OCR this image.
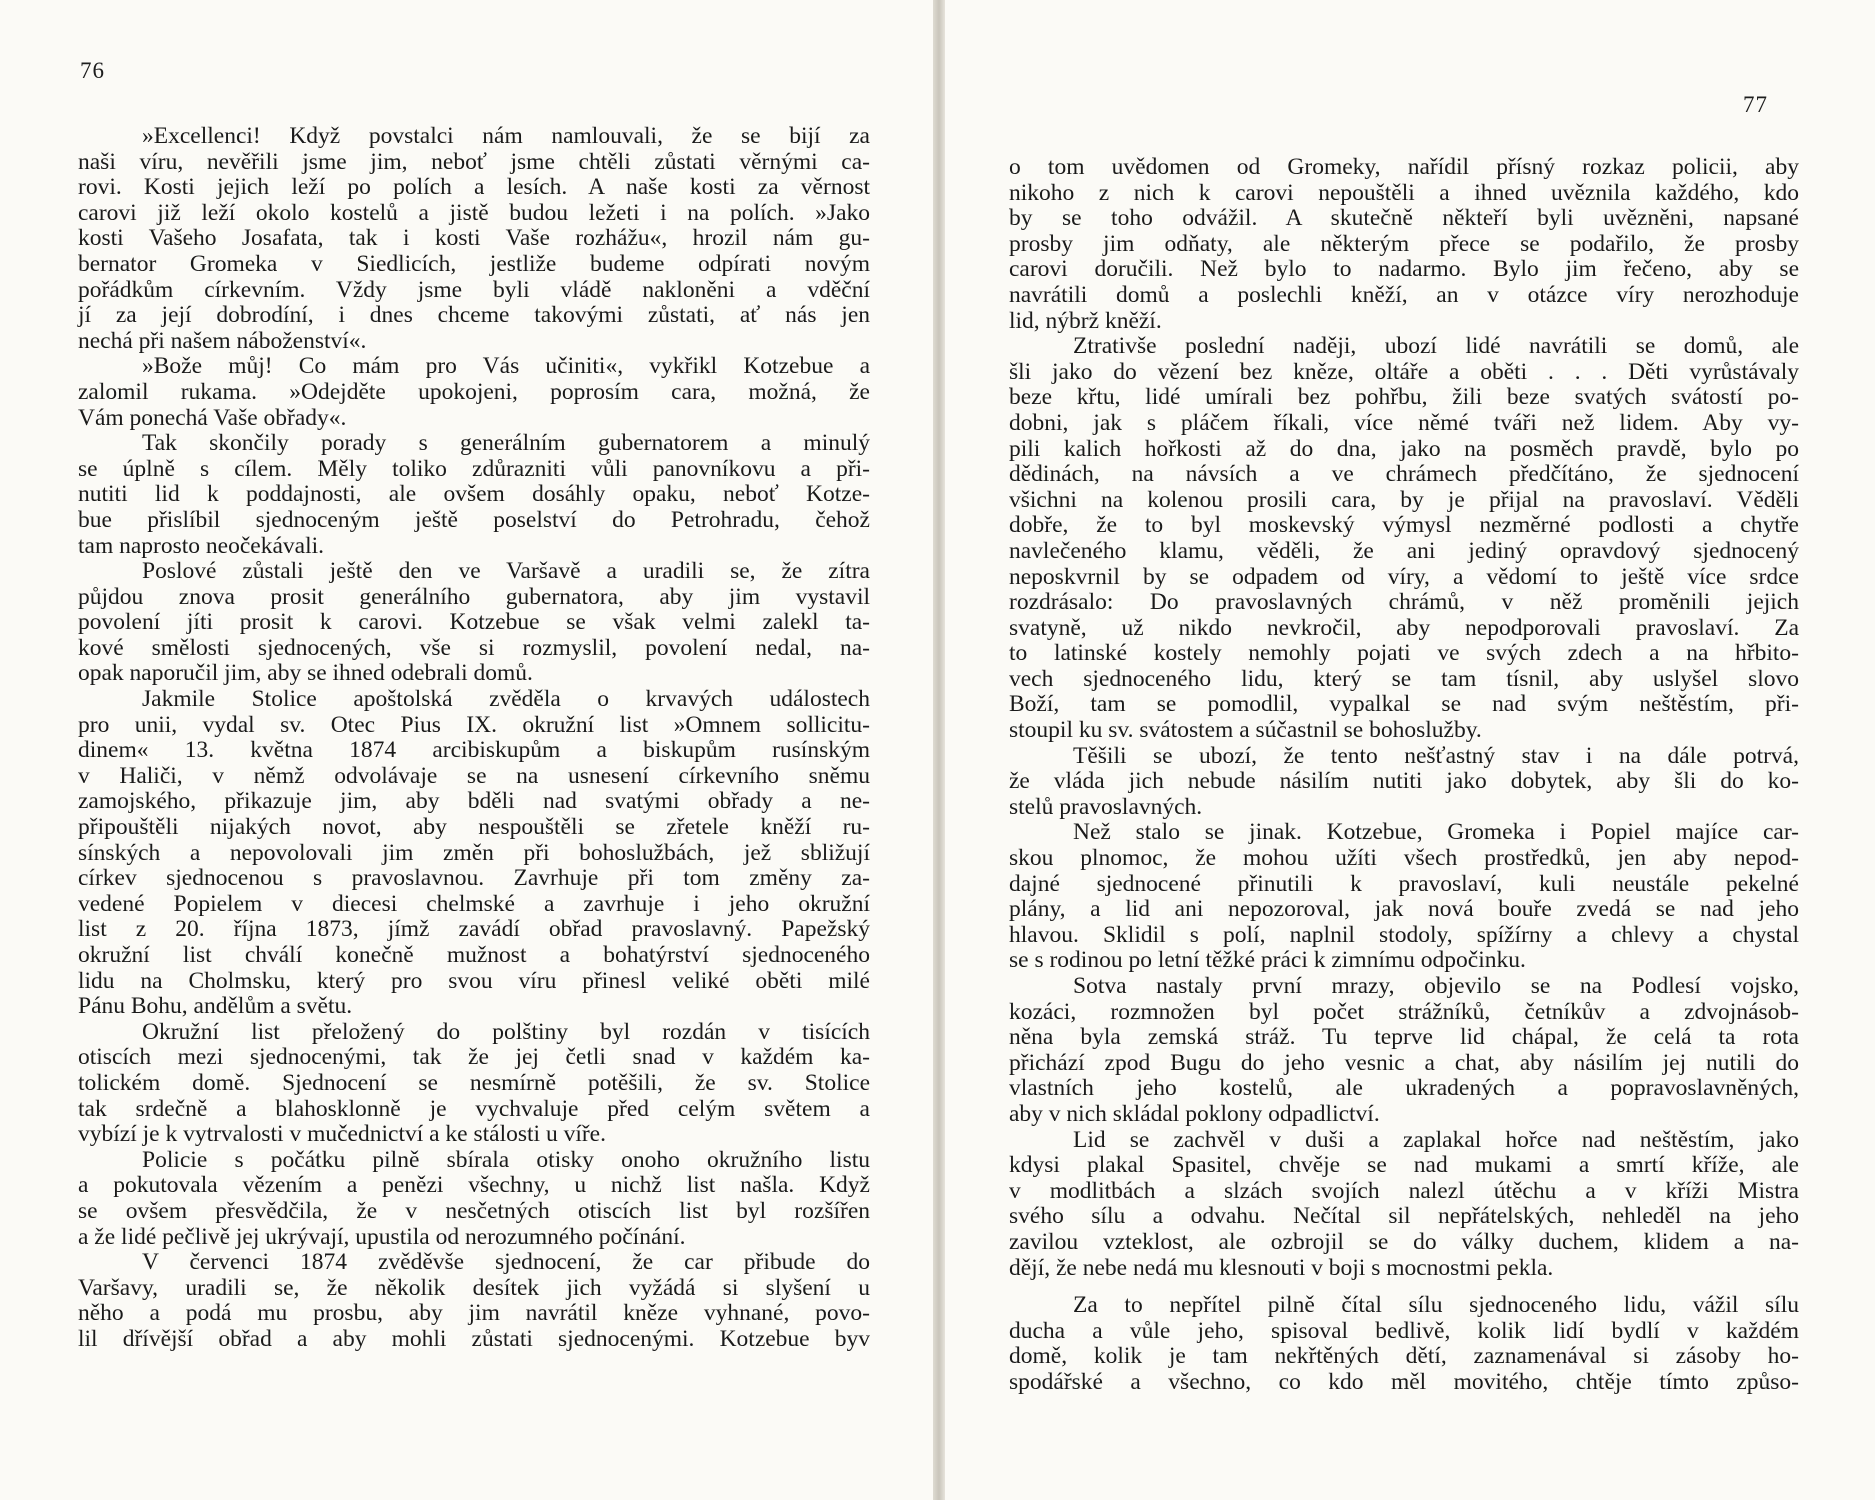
76
»Excellenci! Když povstalci nám namlouvali, že se bijí za
naši víru, nevěřili jsme jim, neboť jsme chtěli zůstati věrnými ca-
rovi. Kosti jejich leží po polích a lesích. A naše kosti za věrnost
carovi již leží okolo kostelů a jistě budou ležeti i na polích. »Jako
kosti Vašeho Josafata, tak i kosti Vaše rozhážu«, hrozil nám gu-
bernator Gromeka v Siedlicích, jestliže budeme odpírati novým
pořádkům církevním. Vždy jsme byli vládě nakloněni a vděční
jí za její dobrodíní, i dnes chceme takovými zůstati, ať nás jen
nechá při našem náboženství«.
»Bože můj! Co mám pro Vás učiniti«, vykřikl Kotzebue a
zalomil rukama. »Odejděte upokojeni, poprosím cara, možná, že
Vám ponechá Vaše obřady«.
Tak skončily porady s generálním gubernatorem a minulý
se úplně s cílem. Měly toliko zdůrazniti vůli panovníkovu a při-
nutiti lid k poddajnosti, ale ovšem dosáhly opaku, neboť Kotze-
bue přislíbil sjednoceným ještě poselství do Petrohradu, čehož
tam naprosto neočekávali.
Poslové zůstali ještě den ve Varšavě a uradili se, že zítra
půjdou znova prosit generálního gubernatora, aby jim vystavil
povolení jíti prosit k carovi. Kotzebue se však velmi zalekl ta-
kové smělosti sjednocených, vše si rozmyslil, povolení nedal, na-
opak naporučil jim, aby se ihned odebrali domů.
Jakmile Stolice apoštolská zvěděla o krvavých událostech
pro unii, vydal sv. Otec Pius IX. okružní list »Omnem sollicitu-
dinem« 13. května 1874 arcibiskupům a biskupům rusínským
v Haliči, v němž odvolávaje se na usnesení církevního sněmu
zamojského, přikazuje jim, aby bděli nad svatými obřady a ne-
připouštěli nijakých novot, aby nespouštěli se zřetele kněží ru-
sínských a nepovolovali jim změn při bohoslužbách, jež sbližují
církev sjednocenou s pravoslavnou. Zavrhuje při tom změny za-
vedené Popielem v diecesi chelmské a zavrhuje i jeho okružní
list z 20. října 1873, jímž zavádí obřad pravoslavný. Papežský
okružní list chválí konečně mužnost a bohatýrství sjednoceného
lidu na Cholmsku, který pro svou víru přinesl veliké oběti milé
Pánu Bohu, andělům a světu.
Okružní list přeložený do polštiny byl rozdán v tisících
otiscích mezi sjednocenými, tak že jej četli snad v každém ka-
tolickém domě. Sjednocení se nesmírně potěšili, že sv. Stolice
tak srdečně a blahosklonně je vychvaluje před celým světem a
vybízí je k vytrvalosti v mučednictví a ke stálosti u víře.
Policie s počátku pilně sbírala otisky onoho okružního listu
a pokutovala vězením a penězi všechny, u nichž list našla. Když
se ovšem přesvědčila, že v nesčetných otiscích list byl rozšířen
a že lidé pečlivě jej ukrývají, upustila od nerozumného počínání.
V červenci 1874 zvěděvše sjednocení, že car přibude do
Varšavy, uradili se, že několik desítek jich vyžádá si slyšení u
něho a podá mu prosbu, aby jim navrátil kněze vyhnané, povo-
lil dřívější obřad a aby mohli zůstati sjednocenými. Kotzebue byv
77
o tom uvědomen od Gromeky, nařídil přísný rozkaz policii, aby
nikoho z nich k carovi nepouštěli a ihned uvěznila každého, kdo
by se toho odvážil. A skutečně někteří byli uvězněni, napsané
prosby jim odňaty, ale některým přece se podařilo, že prosby
carovi doručili. Než bylo to nadarmo. Bylo jim řečeno, aby se
navrátili domů a poslechli kněží, an v otázce víry nerozhoduje
lid, nýbrž kněží.
Ztrativše poslední naději, ubozí lidé navrátili se domů, ale
šli jako do vězení bez kněze, oltáře a oběti . . . Děti vyrůstávaly
beze křtu, lidé umírali bez pohřbu, žili beze svatých svátostí po-
dobni, jak s pláčem říkali, více němé tváři než lidem. Aby vy-
pili kalich hořkosti až do dna, jako na posměch pravdě, bylo po
dědinách, na návsích a ve chrámech předčítáno, že sjednocení
všichni na kolenou prosili cara, by je přijal na pravoslaví. Věděli
dobře, že to byl moskevský výmysl nezměrné podlosti a chytře
navlečeného klamu, věděli, že ani jediný opravdový sjednocený
neposkvrnil by se odpadem od víry, a vědomí to ještě více srdce
rozdrásalo: Do pravoslavných chrámů, v něž proměnili jejich
svatyně, už nikdo nevkročil, aby nepodporovali pravoslaví. Za
to latinské kostely nemohly pojati ve svých zdech a na hřbito-
vech sjednoceného lidu, který se tam tísnil, aby uslyšel slovo
Boží, tam se pomodlil, vypalkal se nad svým neštěstím, při-
stoupil ku sv. svátostem a súčastnil se bohoslužby.
Těšili se ubozí, že tento nešťastný stav i na dále potrvá,
že vláda jich nebude násilím nutiti jako dobytek, aby šli do ko-
stelů pravoslavných.
Než stalo se jinak. Kotzebue, Gromeka i Popiel majíce car-
skou plnomoc, že mohou užíti všech prostředků, jen aby nepod-
dajné sjednocené přinutili k pravoslaví, kuli neustále pekelné
plány, a lid ani nepozoroval, jak nová bouře zvedá se nad jeho
hlavou. Sklidil s polí, naplnil stodoly, spížírny a chlevy a chystal
se s rodinou po letní těžké práci k zimnímu odpočinku.
Sotva nastaly první mrazy, objevilo se na Podlesí vojsko,
kozáci, rozmnožen byl počet strážníků, četníkův a zdvojnásob-
něna byla zemská stráž. Tu teprve lid chápal, že celá ta rota
přichází zpod Bugu do jeho vesnic a chat, aby násilím jej nutili do
vlastních jeho kostelů, ale ukradených a popravoslavněných,
aby v nich skládal poklony odpadlictví.
Lid se zachvěl v duši a zaplakal hořce nad neštěstím, jako
kdysi plakal Spasitel, chvěje se nad mukami a smrtí kříže, ale
v modlitbách a slzách svojích nalezl útěchu a v kříži Mistra
svého sílu a odvahu. Nečítal sil nepřátelských, nehleděl na jeho
zavilou vzteklost, ale ozbrojil se do války duchem, klidem a na-
dějí, že nebe nedá mu klesnouti v boji s mocnostmi pekla.
Za to nepřítel pilně čítal sílu sjednoceného lidu, vážil sílu
ducha a vůle jeho, spisoval bedlivě, kolik lidí bydlí v každém
domě, kolik je tam nekřtěných dětí, zaznamenával si zásoby ho-
spodářské a všechno, co kdo měl movitého, chtěje tímto způso-
